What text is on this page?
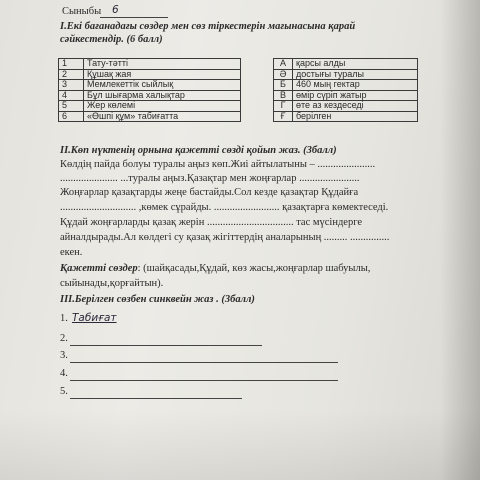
Сыныбы 6
І.Екі бағанадағы сөздер мен сөз тіркестерін мағынасына қарай
сәйкестендір. (6 балл)
1	Тату-тәтті		А	қарсы алды
2	Құшақ жая		Ә	достығы туралы
3	Мемлекеттік сыйлық		Б	460 мың гектар
4	Бұл шығарма халықтар		В	өмір сүріп жатыр
5	Жер көлемі		Г	өте аз кездеседі
6	«Өшпі құм» табиғатта		Ғ	берілген
ІІ.Көп нүктенің орнына қажетті сөзді қойып жаз. (3балл)
Көлдің пайда болуы туралы аңыз көп.Жиі айтылатыны – ......................
...................... ...туралы аңыз.Қазақтар мен жоңғарлар .......................
Жоңғарлар қазақтарды жеңе бастайды.Сол кезде қазақтар Құдайға
............................. ,көмек сұрайды. ......................... қазақтарға көмектеседі.
Құдай жоңғарларды қазақ жерін ................................. тас мүсіндерге
айналдырады.Ал көлдегі су қазақ жігіттердің аналарының ......... ...............
екен.
Қажетті сөздер: (шайқасады,Құдай, көз жасы,жоңғарлар шабуылы,
сыйынады,қорғайтын).
ІІІ.Берілген сөзбен синквейн жаз . (3балл)
1. Табиғат
2.
3.
4.
5.
